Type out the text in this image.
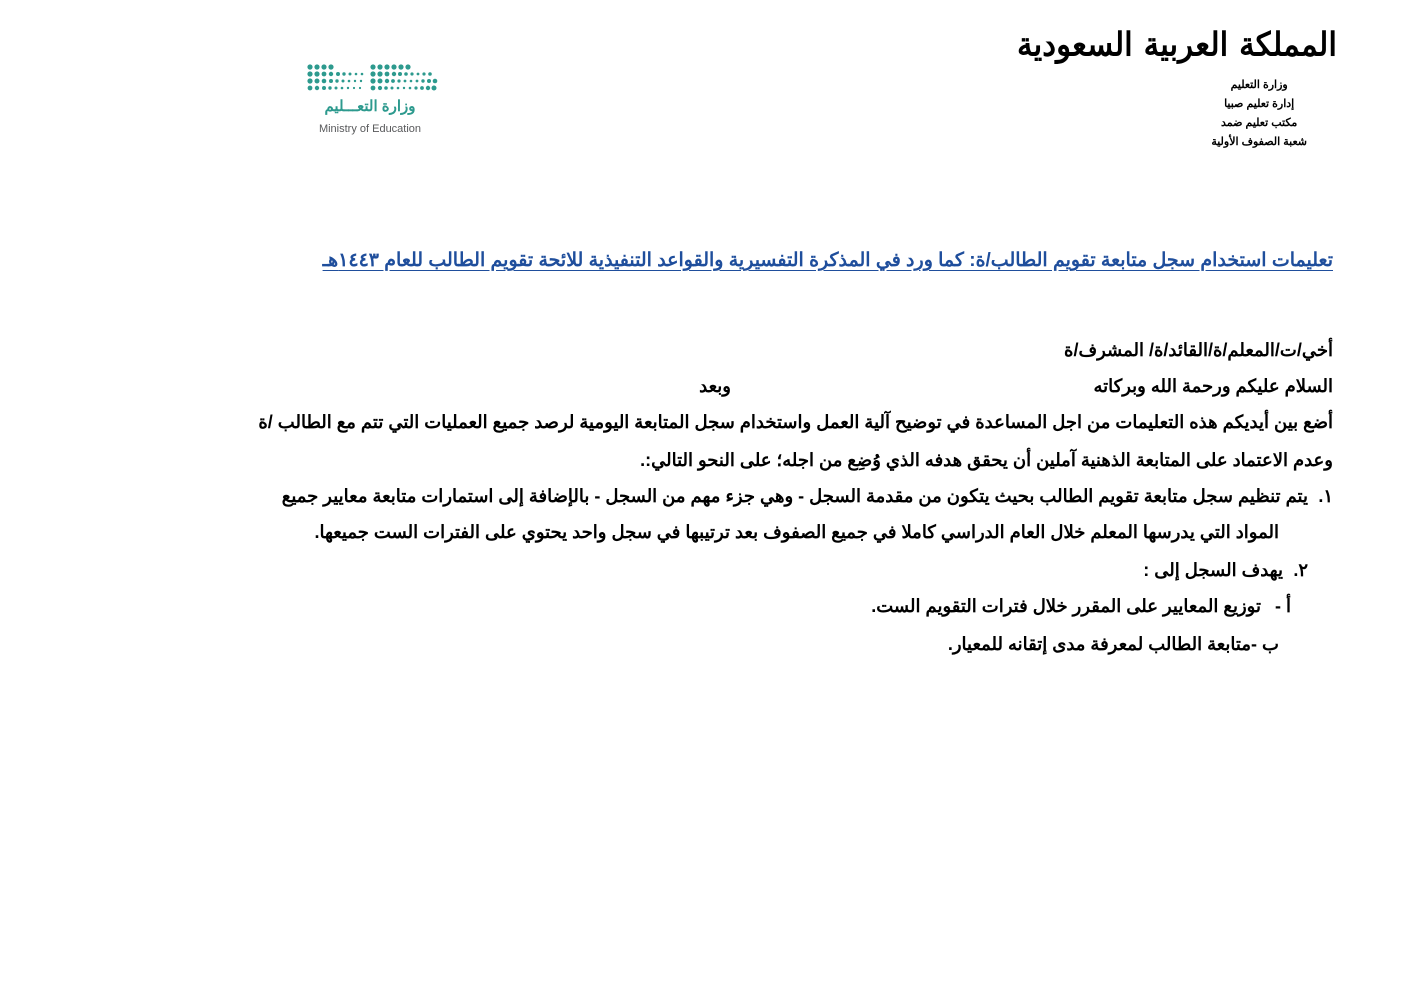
المملكة العربية السعودية
وزارة التعليم
إدارة تعليم صبيا
مكتب تعليم ضمد
شعبة الصفوف الأولية
وزارة التعـــليم
Ministry of Education
تعليمات استخدام سجل متابعة تقويم الطالب/ة: كما ورد في المذكرة التفسيرية والقواعد التنفيذية للائحة تقويم الطالب للعام ١٤٤٣هـ
أخي/ت/المعلم/ة/القائد/ة/ المشرف/ة
السلام عليكم ورحمة الله وبركاته
وبعد
أضع بين أيديكم هذه التعليمات من اجل المساعدة في توضيح آلية العمل واستخدام سجل المتابعة اليومية لرصد جميع العمليات التي تتم مع الطالب /ة
وعدم الاعتماد على المتابعة الذهنية آملين أن يحقق هدفه الذي وُضِع من اجله؛ على النحو التالي:.
١.
يتم تنظيم سجل متابعة تقويم الطالب بحيث يتكون من مقدمة السجل - وهي جزء مهم من السجل - بالإضافة إلى استمارات متابعة معايير جميع
المواد التي يدرسها المعلم خلال العام الدراسي كاملا في جميع الصفوف بعد ترتيبها في سجل واحد يحتوي على الفترات الست جميعها.
٢.
يهدف السجل إلى :
أ -
توزيع المعايير على المقرر خلال فترات التقويم الست.
ب -
متابعة الطالب لمعرفة مدى إتقانه للمعيار.
